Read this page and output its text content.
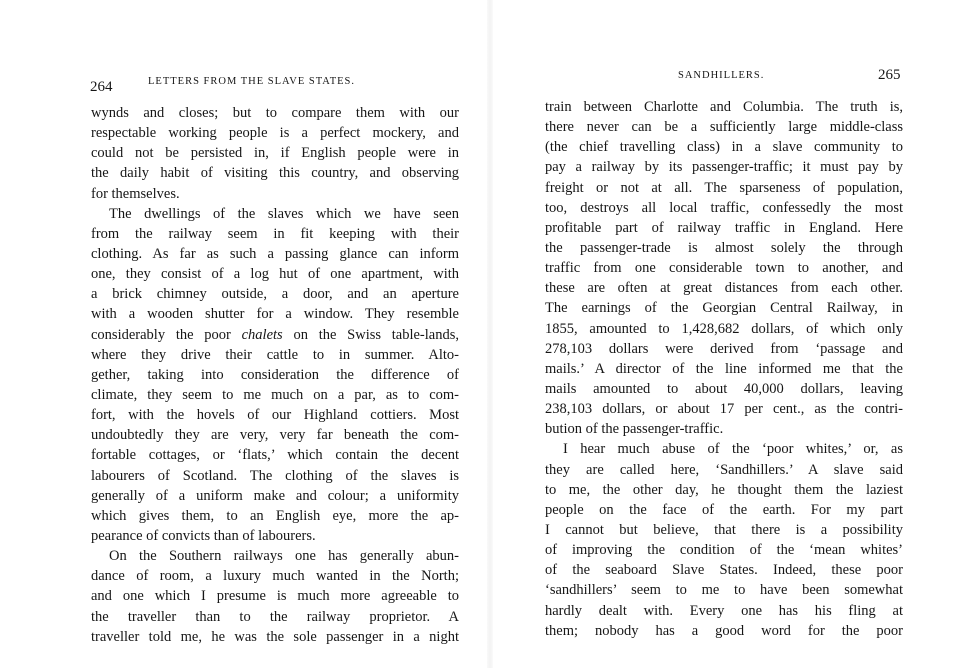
264	LETTERS FROM THE SLAVE STATES.
wynds and closes; but to compare them with our
respectable working people is a perfect mockery, and
could not be persisted in, if English people were in
the daily habit of visiting this country, and observing
for themselves.
The dwellings of the slaves which we have seen
from the railway seem in fit keeping with their
clothing. As far as such a passing glance can inform
one, they consist of a log hut of one apartment, with
a brick chimney outside, a door, and an aperture
with a wooden shutter for a window. They resemble
considerably the poor chalets on the Swiss table-lands,
where they drive their cattle to in summer. Alto-
gether, taking into consideration the difference of
climate, they seem to me much on a par, as to com-
fort, with the hovels of our Highland cottiers. Most
undoubtedly they are very, very far beneath the com-
fortable cottages, or ‘flats,’ which contain the decent
labourers of Scotland. The clothing of the slaves is
generally of a uniform make and colour; a uniformity
which gives them, to an English eye, more the ap-
pearance of convicts than of labourers.
On the Southern railways one has generally abun-
dance of room, a luxury much wanted in the North;
and one which I presume is much more agreeable to
the traveller than to the railway proprietor. A
traveller told me, he was the sole passenger in a night
SANDHILLERS.	265
train between Charlotte and Columbia. The truth is,
there never can be a sufficiently large middle-class
(the chief travelling class) in a slave community to
pay a railway by its passenger-traffic; it must pay by
freight or not at all. The sparseness of population,
too, destroys all local traffic, confessedly the most
profitable part of railway traffic in England. Here
the passenger-trade is almost solely the through
traffic from one considerable town to another, and
these are often at great distances from each other.
The earnings of the Georgian Central Railway, in
1855, amounted to 1,428,682 dollars, of which only
278,103 dollars were derived from ‘passage and
mails.’ A director of the line informed me that the
mails amounted to about 40,000 dollars, leaving
238,103 dollars, or about 17 per cent., as the contri-
bution of the passenger-traffic.
I hear much abuse of the ‘poor whites,’ or, as
they are called here, ‘Sandhillers.’ A slave said
to me, the other day, he thought them the laziest
people on the face of the earth. For my part
I cannot but believe, that there is a possibility
of improving the condition of the ‘mean whites’
of the seaboard Slave States. Indeed, these poor
‘sandhillers’ seem to me to have been somewhat
hardly dealt with. Every one has his fling at
them; nobody has a good word for the poor
